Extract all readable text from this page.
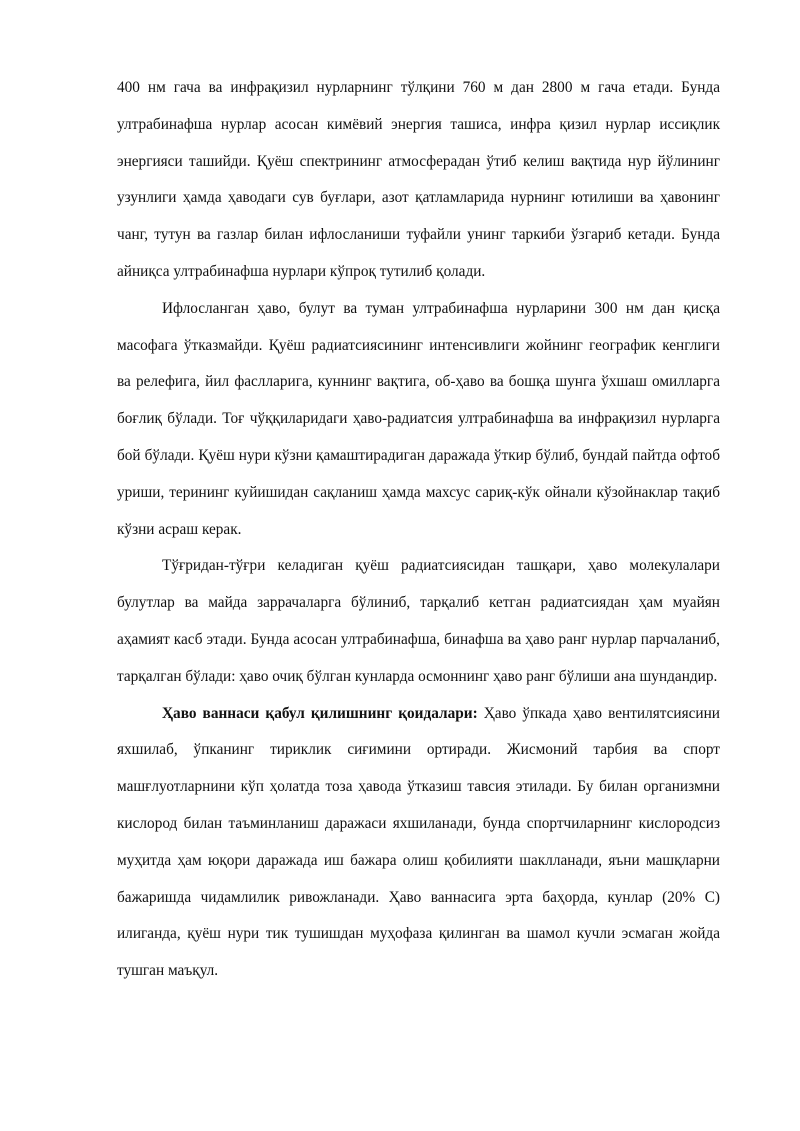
400 нм гача ва инфрақизил нурларнинг тўлқини 760 м дан 2800 м гача етади. Бунда ултрабинафша нурлар асосан кимёвий энергия ташиса, инфра қизил нурлар иссиқлик энергияси ташийди. Қуёш спектрининг атмосферадан ўтиб келиш вақтида нур йўлининг узунлиги ҳамда ҳаводаги сув буғлари, азот қатламларида нурнинг ютилиши ва ҳавонинг чанг, тутун ва газлар билан ифлосланиши туфайли унинг таркиби ўзгариб кетади. Бунда айниқса ултрабинафша нурлари кўпроқ тутилиб қолади.

Ифлосланган ҳаво, булут ва туман ултрабинафша нурларини 300 нм дан қисқа масофага ўтказмайди. Қуёш радиатсиясининг интенсивлиги жойнинг географик кенглиги ва релефига, йил фаслларига, куннинг вақтига, об-ҳаво ва бошқа шунга ўхшаш омилларга боғлиқ бўлади. Тоғ чўққиларидаги ҳаво-радиатсия ултрабинафша ва инфрақизил нурларга бой бўлади. Қуёш нури кўзни қамаштирадиган даражада ўткир бўлиб, бундай пайтда офтоб уриши, терининг куйишидан сақланиш ҳамда махсус сариқ-кўк ойнали кўзойнаклар тақиб кўзни асраш керак.

Тўғридан-тўғри келадиган қуёш радиатсиясидан ташқари, ҳаво молекулалари булутлар ва майда заррачаларга бўлиниб, тарқалиб кетган радиатсиядан ҳам муайян аҳамият касб этади. Бунда асосан ултрабинафша, бинафша ва ҳаво ранг нурлар парчаланиб, тарқалган бўлади: ҳаво очиқ бўлган кунларда осмоннинг ҳаво ранг бўлиши ана шундандир.

Ҳаво ваннаси қабул қилишнинг қоидалари: Ҳаво ўпкада ҳаво вентилятсиясини яхшилаб, ўпканинг тириклик сиғимини ортиради. Жисмоний тарбия ва спорт машғлуотларнини кўп ҳолатда тоза ҳавода ўтказиш тавсия этилади. Бу билан организмни кислород билан таъминланиш даражаси яхшиланади, бунда спортчиларнинг кислородсиз муҳитда ҳам юқори даражада иш бажара олиш қобилияти шаклланади, яъни машқларни бажаришда чидамлилик ривожланади. Ҳаво ваннасига эрта баҳорда, кунлар (20% С) илиганда, қуёш нури тик тушишдан муҳофаза қилинган ва шамол кучли эсмаган жойда тушган маъқул.
